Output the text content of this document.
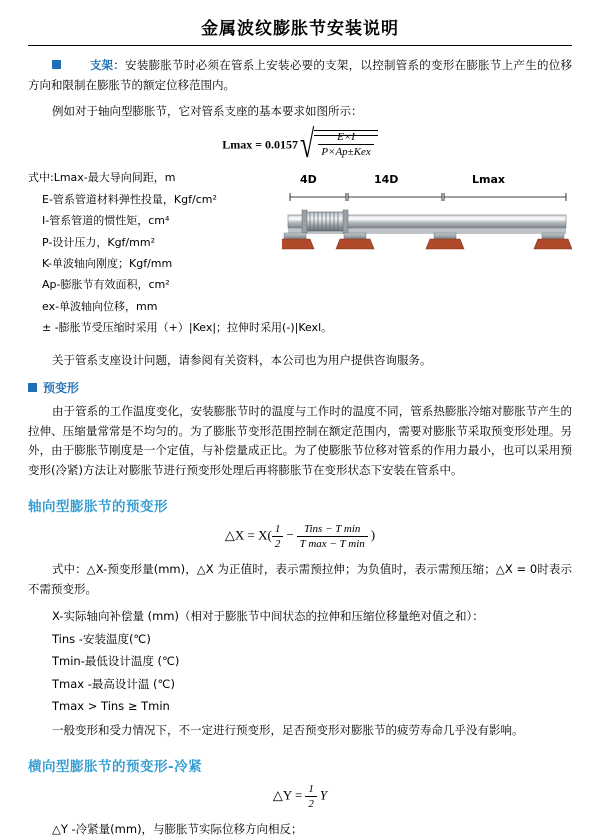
金属波纹膨胀节安装说明

支架：安装膨胀节时必须在管系上安装必要的支架，以控制管系的变形在膨胀节上产生的位移方向和限制在膨胀节的额定位移范围内。

例如对于轴向型膨胀节，它对管系支座的基本要求如图所示：

$Lmax = 0.0157√ \frac{E\times I}{\text{P×Ap±Kex}}$
4D	14D	Lmax
式中:Lmax-最大导向间距，m
E-管系管道材料弹性投量，Kgf/cm²
I-管系管道的惯性矩，cm⁴
P-设计压力，Kgf/mm²
K-单波轴向刚度；Kgf/mm
Ap-膨胀节有效面积，cm²
ex-单波轴向位移，mm
± -膨胀节受压缩时采用（+）|Kex|；拉伸时采用(-)|Kexl。

关于管系支座设计问题，请参阅有关资料，本公司也为用户提供咨询服务。

预变形

由于管系的工作温度变化，安装膨胀节时的温度与工作时的温度不同，管系热膨胀冷缩对膨胀节产生的拉伸、压缩量常常是不均匀的。为了膨胀节变形范围控制在额定范围内，需要对膨胀节采取预变形处理。另外，由于膨胀节刚度是一个定值，与补偿量成正比。为了使膨胀节位移对管系的作用力最小，也可以采用预变形(冷紧)方法让对膨胀节进行预变形处理后再将膨胀节在变形状态下安装在管系中。

轴向型膨胀节的预变形
△X = $X( \frac{1}{2} - \frac{\text{Tins − T min}}{\text{T max − T min}}$ )

式中：△X-预变形量(mm)，△X 为正值时，表示需预拉伸；为负值时，表示需预压缩；△X = 0时表示不需预变形。

X-实际轴向补偿量 (mm)（相对于膨胀节中间状态的拉伸和压缩位移量绝对值之和）：
Tins -安装温度(℃)
Tmin-最低设计温度 (℃)
Tmax -最高设计温 (℃)
Tmax > Tins ≥ Tmin

一般变形和受力情况下，不一定进行预变形，足否预变形对膨胀节的疲劳寿命几乎没有影响。

横向型膨胀节的预变形-冷紧
△Y = $\frac{1}{2}$ Y

△Y -冷紧量(mm)，与膨胀节实际位移方向相反；
